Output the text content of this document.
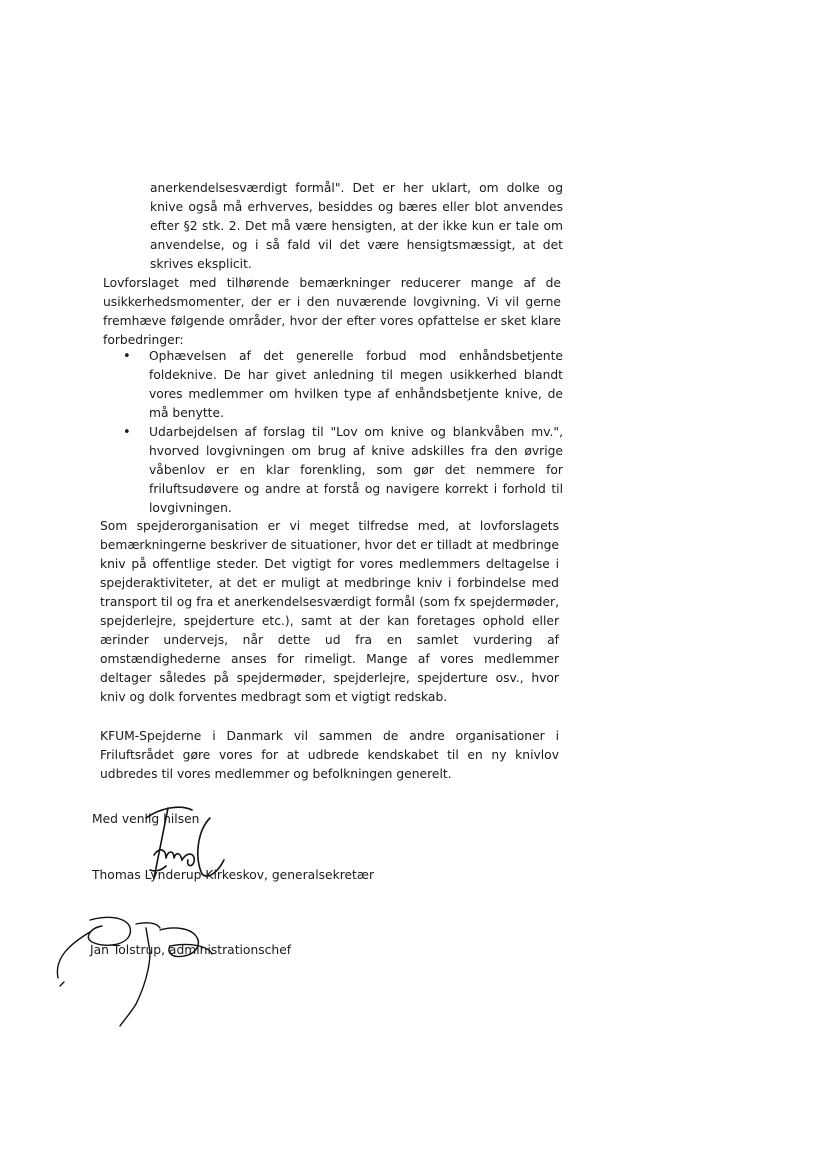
anerkendelsesværdigt formål". Det er her uklart, om dolke og knive også må erhverves, besiddes og bæres eller blot anvendes efter §2 stk. 2. Det må være hensigten, at der ikke kun er tale om anvendelse, og i så fald vil det være hensigtsmæssigt, at det skrives eksplicit.

Lovforslaget med tilhørende bemærkninger reducerer mange af de usikkerhedsmomenter, der er i den nuværende lovgivning. Vi vil gerne fremhæve følgende områder, hvor der efter vores opfattelse er sket klare forbedringer:

• Ophævelsen af det generelle forbud mod enhåndsbetjente foldeknive. De har givet anledning til megen usikkerhed blandt vores medlemmer om hvilken type af enhåndsbetjente knive, de må benytte.
• Udarbejdelsen af forslag til "Lov om knive og blankvåben mv.", hvorved lovgivningen om brug af knive adskilles fra den øvrige våbenlov er en klar forenkling, som gør det nemmere for friluftsudøvere og andre at forstå og navigere korrekt i forhold til lovgivningen.

Som spejderorganisation er vi meget tilfredse med, at lovforslagets bemærkningerne beskriver de situationer, hvor det er tilladt at medbringe kniv på offentlige steder. Det vigtigt for vores medlemmers deltagelse i spejderaktiviteter, at det er muligt at medbringe kniv i forbindelse med transport til og fra et anerkendelsesværdigt formål (som fx spejdermøder, spejderlejre, spejderture etc.), samt at der kan foretages ophold eller ærinder undervejs, når dette ud fra en samlet vurdering af omstændighederne anses for rimeligt. Mange af vores medlemmer deltager således på spejdermøder, spejderlejre, spejderture osv., hvor kniv og dolk forventes medbragt som et vigtigt redskab.

KFUM-Spejderne i Danmark vil sammen de andre organisationer i Friluftsrådet gøre vores for at udbrede kendskabet til en ny knivlov udbredes til vores medlemmer og befolkningen generelt.

Med venlig hilsen
Thomas Lynderup Kirkeskov, generalsekretær
Jan Tolstrup, administrationschef
